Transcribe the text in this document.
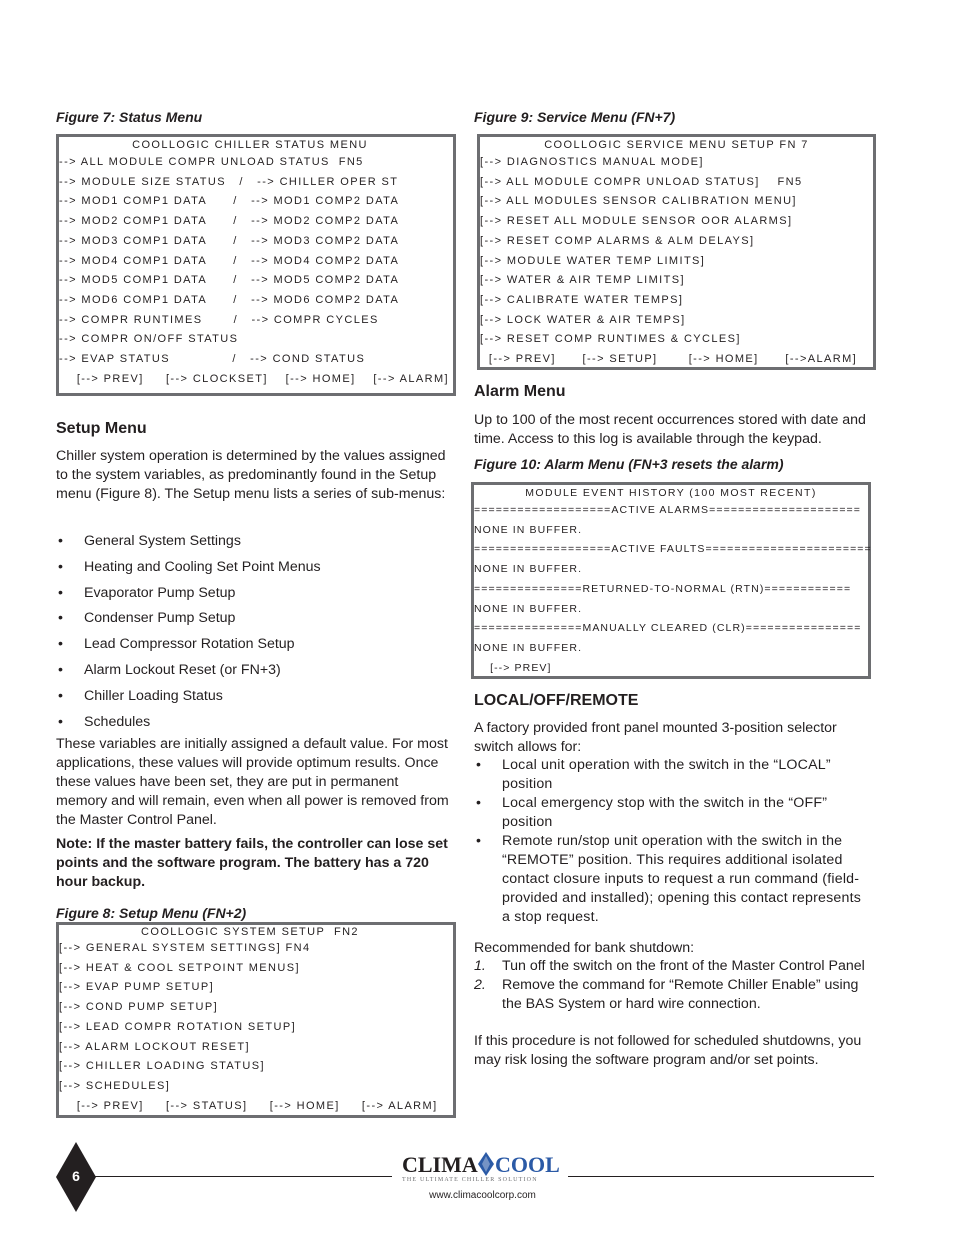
Figure 7: Status Menu
COOLLOGIC CHILLER STATUS MENU
--> ALL MODULE COMPR UNLOAD STATUS  FN5
--> MODULE SIZE STATUS   /   --> CHILLER OPER ST
--> MOD1 COMP1 DATA      /   --> MOD1 COMP2 DATA
--> MOD2 COMP1 DATA      /   --> MOD2 COMP2 DATA
--> MOD3 COMP1 DATA      /   --> MOD3 COMP2 DATA
--> MOD4 COMP1 DATA      /   --> MOD4 COMP2 DATA
--> MOD5 COMP1 DATA      /   --> MOD5 COMP2 DATA
--> MOD6 COMP1 DATA      /   --> MOD6 COMP2 DATA
--> COMPR RUNTIMES       /   --> COMPR CYCLES
--> COMPR ON/OFF STATUS
--> EVAP STATUS              /   --> COND STATUS
[--> PREV]     [--> CLOCKSET]    [--> HOME]    [--> ALARM]
Setup Menu
Chiller system operation is determined by the values assigned to the system variables, as predominantly found in the Setup menu (Figure 8). The Setup menu lists a series of sub-menus:
• General System Settings
• Heating and Cooling Set Point Menus
• Evaporator Pump Setup
• Condenser Pump Setup
• Lead Compressor Rotation Setup
• Alarm Lockout Reset (or FN+3)
• Chiller Loading Status
• Schedules
These variables are initially assigned a default value. For most applications, these values will provide optimum results. Once these values have been set, they are put in permanent memory and will remain, even when all power is removed from the Master Control Panel.
Note: If the master battery fails, the controller can lose set points and the software program. The battery has a 720 hour backup.
Figure 8: Setup Menu (FN+2)
COOLLOGIC SYSTEM SETUP  FN2
[--> GENERAL SYSTEM SETTINGS] FN4
[--> HEAT & COOL SETPOINT MENUS]
[--> EVAP PUMP SETUP]
[--> COND PUMP SETUP]
[--> LEAD COMPR ROTATION SETUP]
[--> ALARM LOCKOUT RESET]
[--> CHILLER LOADING STATUS]
[--> SCHEDULES]
[--> PREV]     [--> STATUS]     [--> HOME]     [--> ALARM]
Figure 9: Service Menu (FN+7)
COOLLOGIC SERVICE MENU SETUP FN 7
[--> DIAGNOSTICS MANUAL MODE]
[--> ALL MODULE COMPR UNLOAD STATUS]    FN5
[--> ALL MODULES SENSOR CALIBRATION MENU]
[--> RESET ALL MODULE SENSOR OOR ALARMS]
[--> RESET COMP ALARMS & ALM DELAYS]
[--> MODULE WATER TEMP LIMITS]
[--> WATER & AIR TEMP LIMITS]
[--> CALIBRATE WATER TEMPS]
[--> LOCK WATER & AIR TEMPS]
[--> RESET COMP RUNTIMES & CYCLES]
[--> PREV]      [--> SETUP]       [--> HOME]      [-->ALARM]
Alarm Menu
Up to 100 of the most recent occurrences stored with date and time. Access to this log is available through the keypad.
Figure 10: Alarm Menu (FN+3 resets the alarm)
MODULE EVENT HISTORY (100 MOST RECENT)
===================ACTIVE ALARMS=====================
NONE IN BUFFER.
===================ACTIVE FAULTS=======================
NONE IN BUFFER.
===============RETURNED-TO-NORMAL (RTN)============
NONE IN BUFFER.
===============MANUALLY CLEARED (CLR)================
NONE IN BUFFER.
[--> PREV]
LOCAL/OFF/REMOTE
A factory provided front panel mounted 3-position selector switch allows for:
• Local unit operation with the switch in the “LOCAL” position
• Local emergency stop with the switch in the “OFF” position
• Remote run/stop unit operation with the switch in the “REMOTE” position. This requires additional isolated contact closure inputs to request a run command (field-provided and installed); opening this contact represents a stop request.
Recommended for bank shutdown:
1. Tun off the switch on the front of the Master Control Panel
2. Remove the command for “Remote Chiller Enable” using the BAS System or hard wire connection.
If this procedure is not followed for scheduled shutdowns, you may risk losing the software program and/or set points.
6	CLIMA COOL
THE ULTIMATE CHILLER SOLUTION
www.climacoolcorp.com
